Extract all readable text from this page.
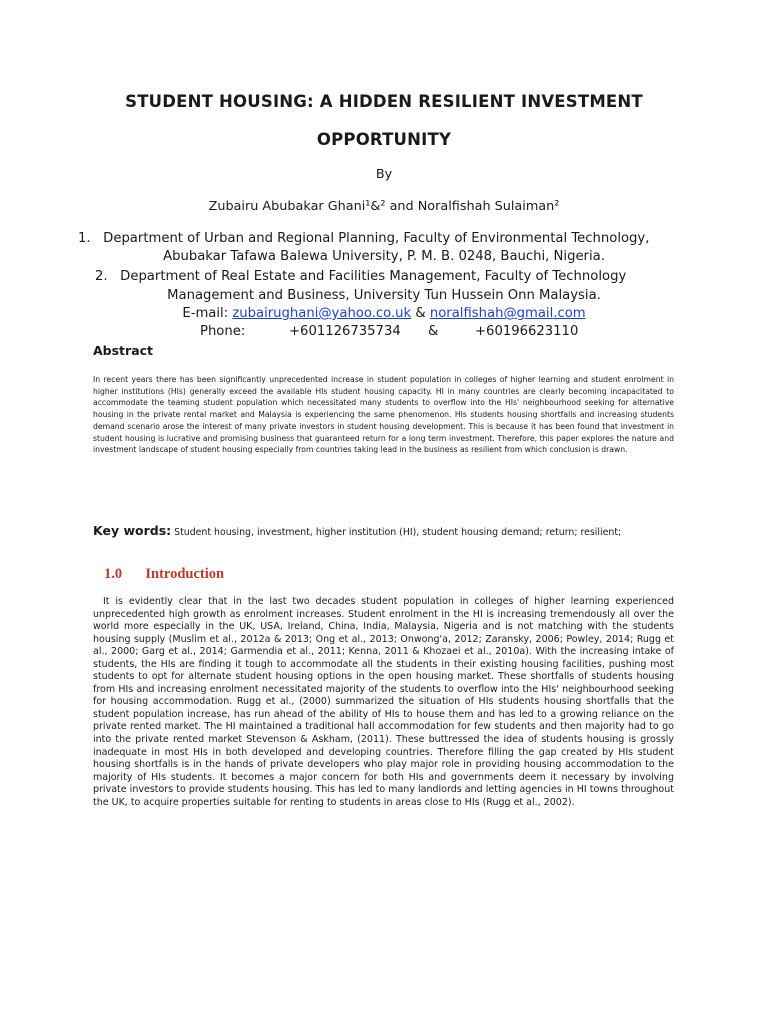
STUDENT HOUSING: A HIDDEN RESILIENT INVESTMENT
OPPORTUNITY
By
Zubairu Abubakar Ghani¹&² and Noralfishah Sulaiman²
1. Department of Urban and Regional Planning, Faculty of Environmental Technology,
Abubakar Tafawa Balewa University, P. M. B. 0248, Bauchi, Nigeria.
2. Department of Real Estate and Facilities Management, Faculty of Technology
Management and Business, University Tun Hussein Onn Malaysia.
E-mail: zubairughani@yahoo.co.uk & noralfishah@gmail.com
Phone:	+601126735734 &	+60196623110
Abstract
In recent years there has been significantly unprecedented increase in student population in colleges of higher learning and student enrolment in higher institutions (HIs) generally exceed the available HIs student housing capacity. HI in many countries are clearly becoming incapacitated to accommodate the teaming student population which necessitated many students to overflow into the HIs' neighbourhood seeking for alternative housing in the private rental market and Malaysia is experiencing the same phenomenon. HIs students housing shortfalls and increasing students demand scenario arose the interest of many private investors in student housing development. This is because it has been found that investment in student housing is lucrative and promising business that guaranteed return for a long term investment. Therefore, this paper explores the nature and investment landscape of student housing especially from countries taking lead in the business as resilient from which conclusion is drawn.
Key words: Student housing, investment, higher institution (HI), student housing demand; return; resilient;
1.0 Introduction
It is evidently clear that in the last two decades student population in colleges of higher learning experienced unprecedented high growth as enrolment increases. Student enrolment in the HI is increasing tremendously all over the world more especially in the UK, USA, Ireland, China, India, Malaysia, Nigeria and is not matching with the students housing supply (Muslim et al., 2012a & 2013; Ong et al., 2013; Onwong'a, 2012; Zaransky, 2006; Powley, 2014; Rugg et al., 2000; Garg et al., 2014; Garmendia et al., 2011; Kenna, 2011 & Khozaei et al., 2010a). With the increasing intake of students, the HIs are finding it tough to accommodate all the students in their existing housing facilities, pushing most students to opt for alternate student housing options in the open housing market. These shortfalls of students housing from HIs and increasing enrolment necessitated majority of the students to overflow into the HIs' neighbourhood seeking for housing accommodation. Rugg et al., (2000) summarized the situation of HIs students housing shortfalls that the student population increase, has run ahead of the ability of HIs to house them and has led to a growing reliance on the private rented market. The HI maintained a traditional hall accommodation for few students and then majority had to go into the private rented market Stevenson & Askham, (2011). These buttressed the idea of students housing is grossly inadequate in most HIs in both developed and developing countries. Therefore filling the gap created by HIs student housing shortfalls is in the hands of private developers who play major role in providing housing accommodation to the majority of HIs students. It becomes a major concern for both HIs and governments deem it necessary by involving private investors to provide students housing. This has led to many landlords and letting agencies in HI towns throughout the UK, to acquire properties suitable for renting to students in areas close to HIs (Rugg et al., 2002).
